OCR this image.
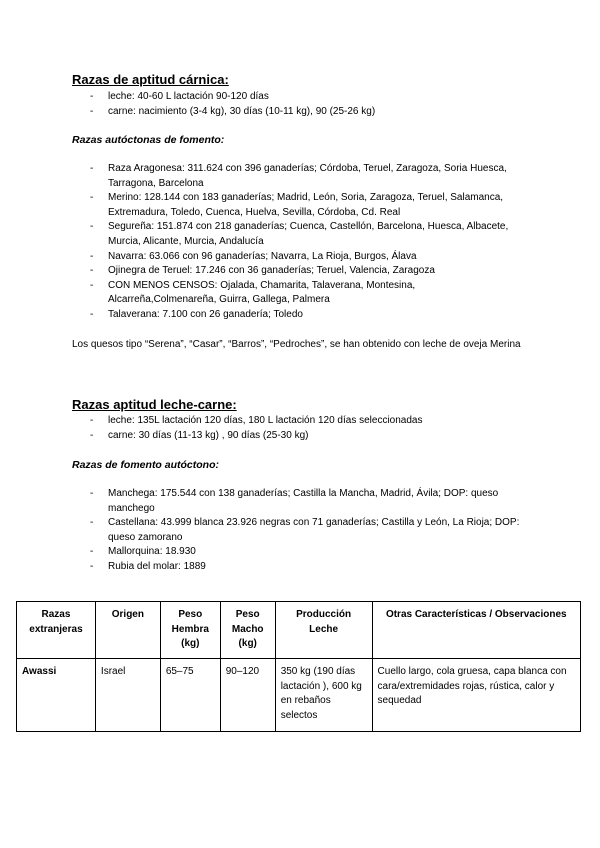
Razas de aptitud cárnica:
- leche: 40-60 L lactación 90-120 días
- carne: nacimiento (3-4 kg), 30 días (10-11 kg), 90 (25-26 kg)
Razas autóctonas de fomento:
- Raza Aragonesa: 311.624 con 396 ganaderías; Córdoba, Teruel, Zaragoza, Soria Huesca, Tarragona, Barcelona
- Merino: 128.144 con 183 ganaderías; Madrid, León, Soria, Zaragoza, Teruel, Salamanca, Extremadura, Toledo, Cuenca, Huelva, Sevilla, Córdoba, Cd. Real
- Segureña: 151.874 con 218 ganaderías; Cuenca, Castellón, Barcelona, Huesca, Albacete, Murcia, Alicante, Murcia, Andalucía
- Navarra: 63.066 con 96 ganaderías; Navarra, La Rioja, Burgos, Álava
- Ojinegra de Teruel: 17.246 con 36 ganaderías; Teruel, Valencia, Zaragoza
- CON MENOS CENSOS: Ojalada, Chamarita, Talaverana, Montesina, Alcarreña,Colmenareña, Guirra, Gallega, Palmera
- Talaverana: 7.100 con 26 ganadería; Toledo

Los quesos tipo “Serena”, “Casar”, “Barros”, “Pedroches”, se han obtenido con leche de oveja Merina

Razas aptitud leche-carne:
- leche: 135L lactación 120 días, 180 L lactación 120 días seleccionadas
- carne: 30 días (11-13 kg) , 90 días (25-30 kg)
Razas de fomento autóctono:
- Manchega: 175.544 con 138 ganaderías; Castilla la Mancha, Madrid, Ávila; DOP: queso manchego
- Castellana: 43.999 blanca 23.926 negras con 71 ganaderías; Castilla y León, La Rioja; DOP: queso zamorano
- Mallorquina: 18.930
- Rubia del molar: 1889
Razas extranjeras	Origen	Peso Hembra (kg)	Peso Macho (kg)	Producción Leche	Otras Características / Observaciones
Awassi	Israel	65–75	90–120	350 kg (190 días lactación ), 600 kg en rebaños selectos	Cuello largo, cola gruesa, capa blanca con cara/extremidades rojas, rústica, calor y sequedad
